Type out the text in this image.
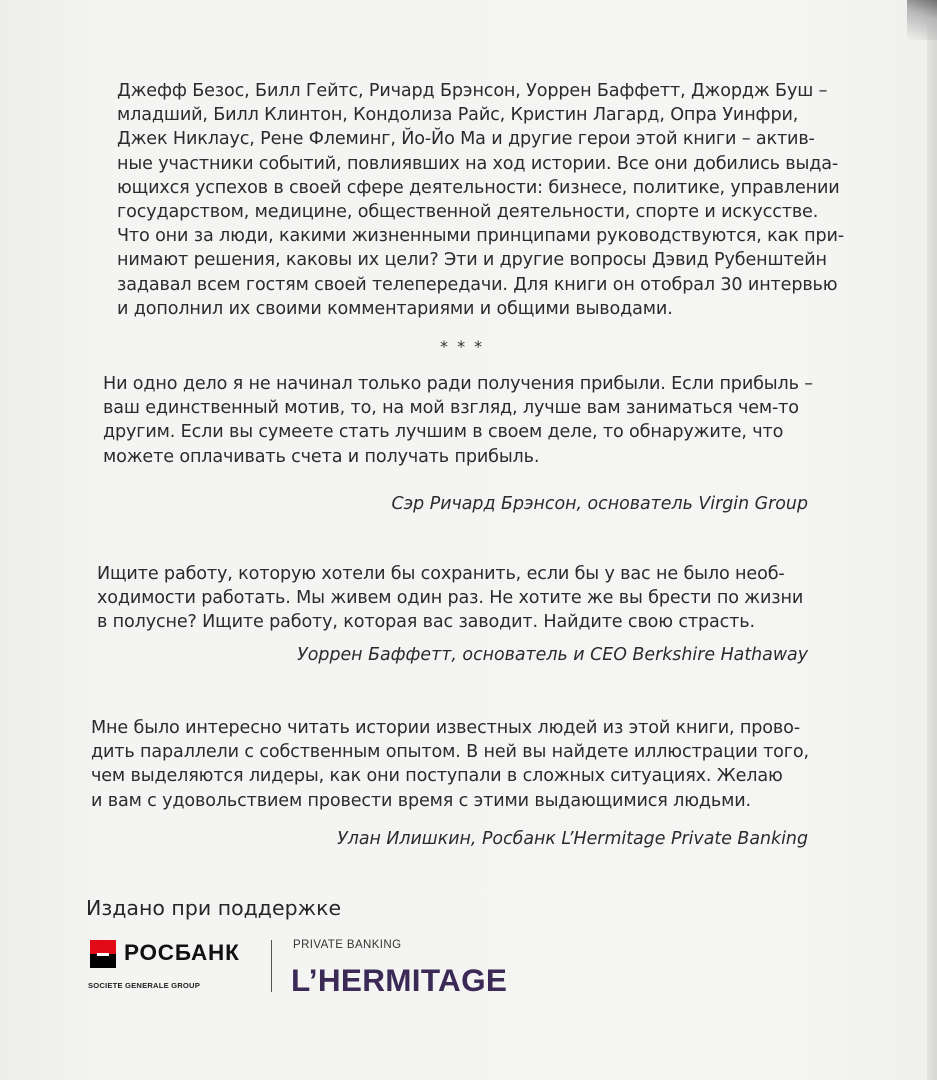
Джефф Безос, Билл Гейтс, Ричард Брэнсон, Уоррен Баффетт, Джордж Буш –
младший, Билл Клинтон, Кондолиза Райс, Кристин Лагард, Опра Уинфри,
Джек Никлаус, Рене Флеминг, Йо-Йо Ма и другие герои этой книги – актив-
ные участники событий, повлиявших на ход истории. Все они добились выда-
ющихся успехов в своей сфере деятельности: бизнесе, политике, управлении
государством, медицине, общественной деятельности, спорте и искусстве.
Что они за люди, какими жизненными принципами руководствуются, как при-
нимают решения, каковы их цели? Эти и другие вопросы Дэвид Рубенштейн
задавал всем гостям своей телепередачи. Для книги он отобрал 30 интервью
и дополнил их своими комментариями и общими выводами.
* * *
Ни одно дело я не начинал только ради получения прибыли. Если прибыль –
ваш единственный мотив, то, на мой взгляд, лучше вам заниматься чем-то
другим. Если вы сумеете стать лучшим в своем деле, то обнаружите, что
можете оплачивать счета и получать прибыль.
Сэр Ричард Брэнсон, основатель Virgin Group
Ищите работу, которую хотели бы сохранить, если бы у вас не было необ-
ходимости работать. Мы живем один раз. Не хотите же вы брести по жизни
в полусне? Ищите работу, которая вас заводит. Найдите свою страсть.
Уоррен Баффетт, основатель и CEO Berkshire Hathaway
Мне было интересно читать истории известных людей из этой книги, прово-
дить параллели с собственным опытом. В ней вы найдете иллюстрации того,
чем выделяются лидеры, как они поступали в сложных ситуациях. Желаю
и вам с удовольствием провести время с этими выдающимися людьми.
Улан Илишкин, Росбанк L’Hermitage Private Banking
Издано при поддержке
РОСБАНК
SOCIETE GENERALE GROUP
PRIVATE BANKING
L’HERMITAGE
